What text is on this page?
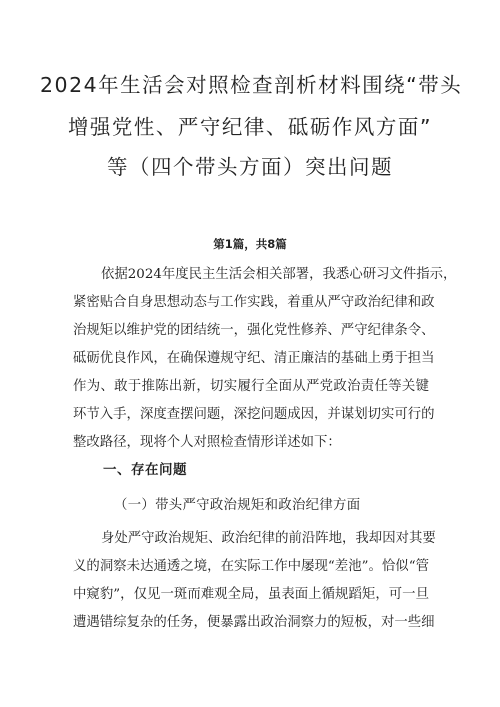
2024年生活会对照检查剖析材料围绕“带头
增强党性、严守纪律、砥砺作风方面”
等（四个带头方面）突出问题
第1篇，共8篇
依据2024年度民主生活会相关部署，我悉心研习文件指示，
紧密贴合自身思想动态与工作实践，着重从严守政治纪律和政
治规矩以维护党的团结统一，强化党性修养、严守纪律条令、
砥砺优良作风，在确保遵规守纪、清正廉洁的基础上勇于担当
作为、敢于推陈出新，切实履行全面从严党政治责任等关键
环节入手，深度查摆问题，深挖问题成因，并谋划切实可行的
整改路径，现将个人对照检查情形详述如下：
一、存在问题
（一）带头严守政治规矩和政治纪律方面
身处严守政治规矩、政治纪律的前沿阵地，我却因对其要
义的洞察未达通透之境，在实际工作中屡现“差池”。恰似“管
中窥豹”，仅见一斑而难观全局，虽表面上循规蹈矩，可一旦
遭遇错综复杂的任务，便暴露出政治洞察力的短板，对一些细
